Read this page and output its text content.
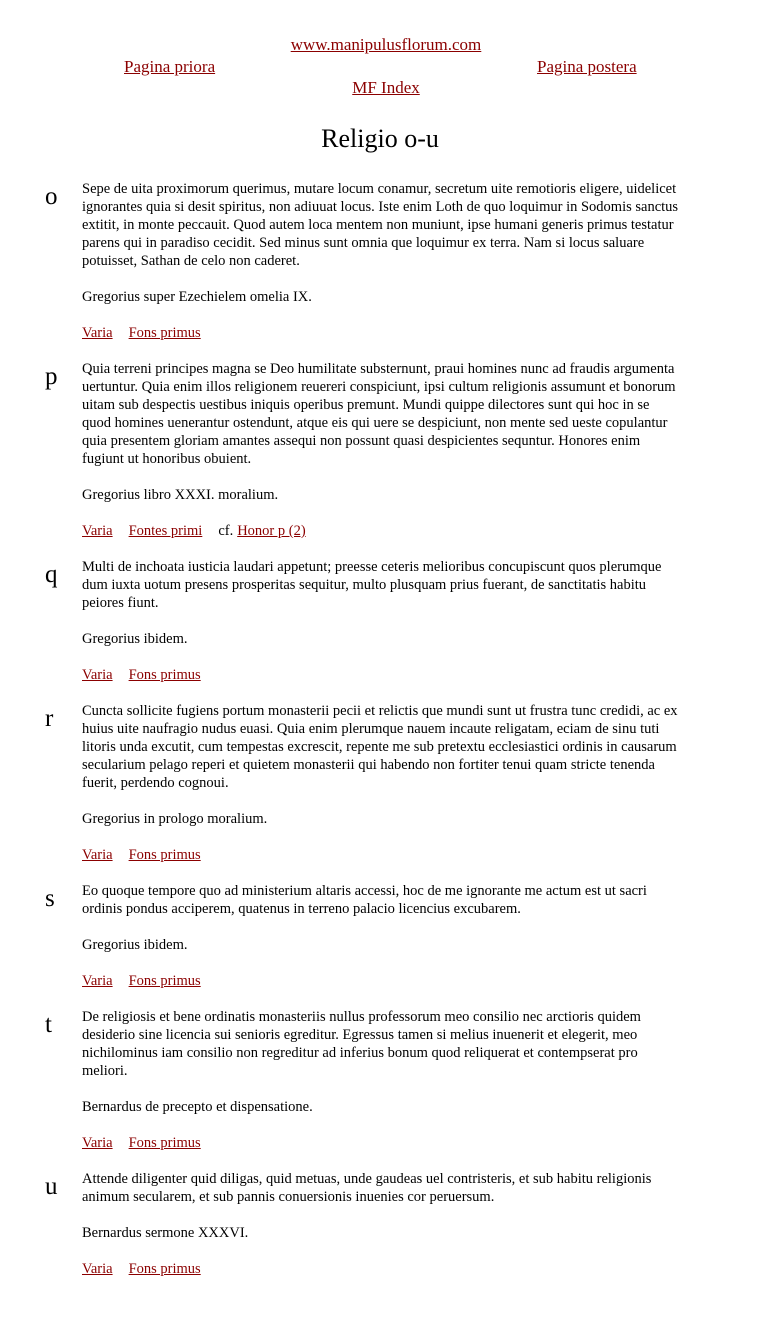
www.manipulusflorum.com
Pagina priora	Pagina postera
MF Index
Religio o-u
o Sepe de uita proximorum querimus, mutare locum conamur, secretum uite remotioris eligere, uidelicet ignorantes quia si desit spiritus, non adiuuat locus. Iste enim Loth de quo loquimur in Sodomis sanctus extitit, in monte peccauit. Quod autem loca mentem non muniunt, ipse humani generis primus testatur parens qui in paradiso cecidit. Sed minus sunt omnia que loquimur ex terra. Nam si locus saluare potuisset, Sathan de celo non caderet.

Gregorius super Ezechielem omelia IX.

Varia Fons primus

p Quia terreni principes magna se Deo humilitate substernunt, praui homines nunc ad fraudis argumenta uertuntur. Quia enim illos religionem reuereri conspiciunt, ipsi cultum religionis assumunt et bonorum uitam sub despectis uestibus iniquis operibus premunt. Mundi quippe dilectores sunt qui hoc in se quod homines uenerantur ostendunt, atque eis qui uere se despiciunt, non mente sed ueste copulantur quia presentem gloriam amantes assequi non possunt quasi despicientes sequntur. Honores enim fugiunt ut honoribus obuient.

Gregorius libro XXXI. moralium.

Varia Fontes primi cf. Honor p (2)

q Multi de inchoata iusticia laudari appetunt; preesse ceteris melioribus concupiscunt quos plerumque dum iuxta uotum presens prosperitas sequitur, multo plusquam prius fuerant, de sanctitatis habitu peiores fiunt.

Gregorius ibidem.

Varia Fons primus

r Cuncta sollicite fugiens portum monasterii pecii et relictis que mundi sunt ut frustra tunc credidi, ac ex huius uite naufragio nudus euasi. Quia enim plerumque nauem incaute religatam, eciam de sinu tuti litoris unda excutit, cum tempestas excrescit, repente me sub pretextu ecclesiastici ordinis in causarum secularium pelago reperi et quietem monasterii qui habendo non fortiter tenui quam stricte tenenda fuerit, perdendo cognoui.

Gregorius in prologo moralium.

Varia Fons primus

s Eo quoque tempore quo ad ministerium altaris accessi, hoc de me ignorante me actum est ut sacri ordinis pondus acciperem, quatenus in terreno palacio licencius excubarem.

Gregorius ibidem.

Varia Fons primus

t De religiosis et bene ordinatis monasteriis nullus professorum meo consilio nec arctioris quidem desiderio sine licencia sui senioris egreditur. Egressus tamen si melius inuenerit et elegerit, meo nichilominus iam consilio non regreditur ad inferius bonum quod reliquerat et contempserat pro meliori.

Bernardus de precepto et dispensatione.

Varia Fons primus

u Attende diligenter quid diligas, quid metuas, unde gaudeas uel contristeris, et sub habitu religionis animum secularem, et sub pannis conuersionis inuenies cor peruersum.

Bernardus sermone XXXVI.

Varia Fons primus
